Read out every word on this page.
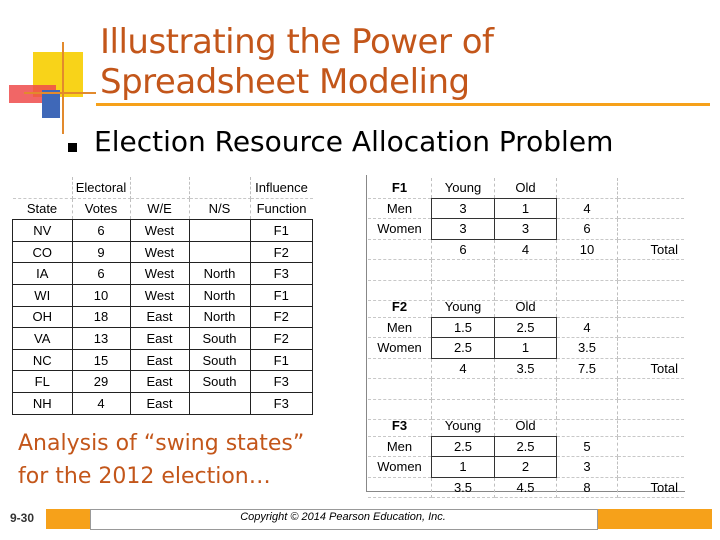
Illustrating the Power of
Spreadsheet Modeling
Election Resource Allocation Problem
	Electoral			Influence
State	Votes	W/E	N/S	Function
NV	6	West		F1
CO	9	West		F2
IA	6	West	North	F3
WI	10	West	North	F1
OH	18	East	North	F2
VA	13	East	South	F2
NC	15	East	South	F1
FL	29	East	South	F3
NH	4	East		F3
F1	Young	Old		
Men	3	1	4	
Women	3	3	6	
	6	4	10	Total

F2	Young	Old		
Men	1.5	2.5	4	
Women	2.5	1	3.5	
	4	3.5	7.5	Total

F3	Young	Old		
Men	2.5	2.5	5	
Women	1	2	3	
	3.5	4.5	8	Total
Analysis of “swing states”
for the 2012 election…
9-30	Copyright © 2014 Pearson Education, Inc.
